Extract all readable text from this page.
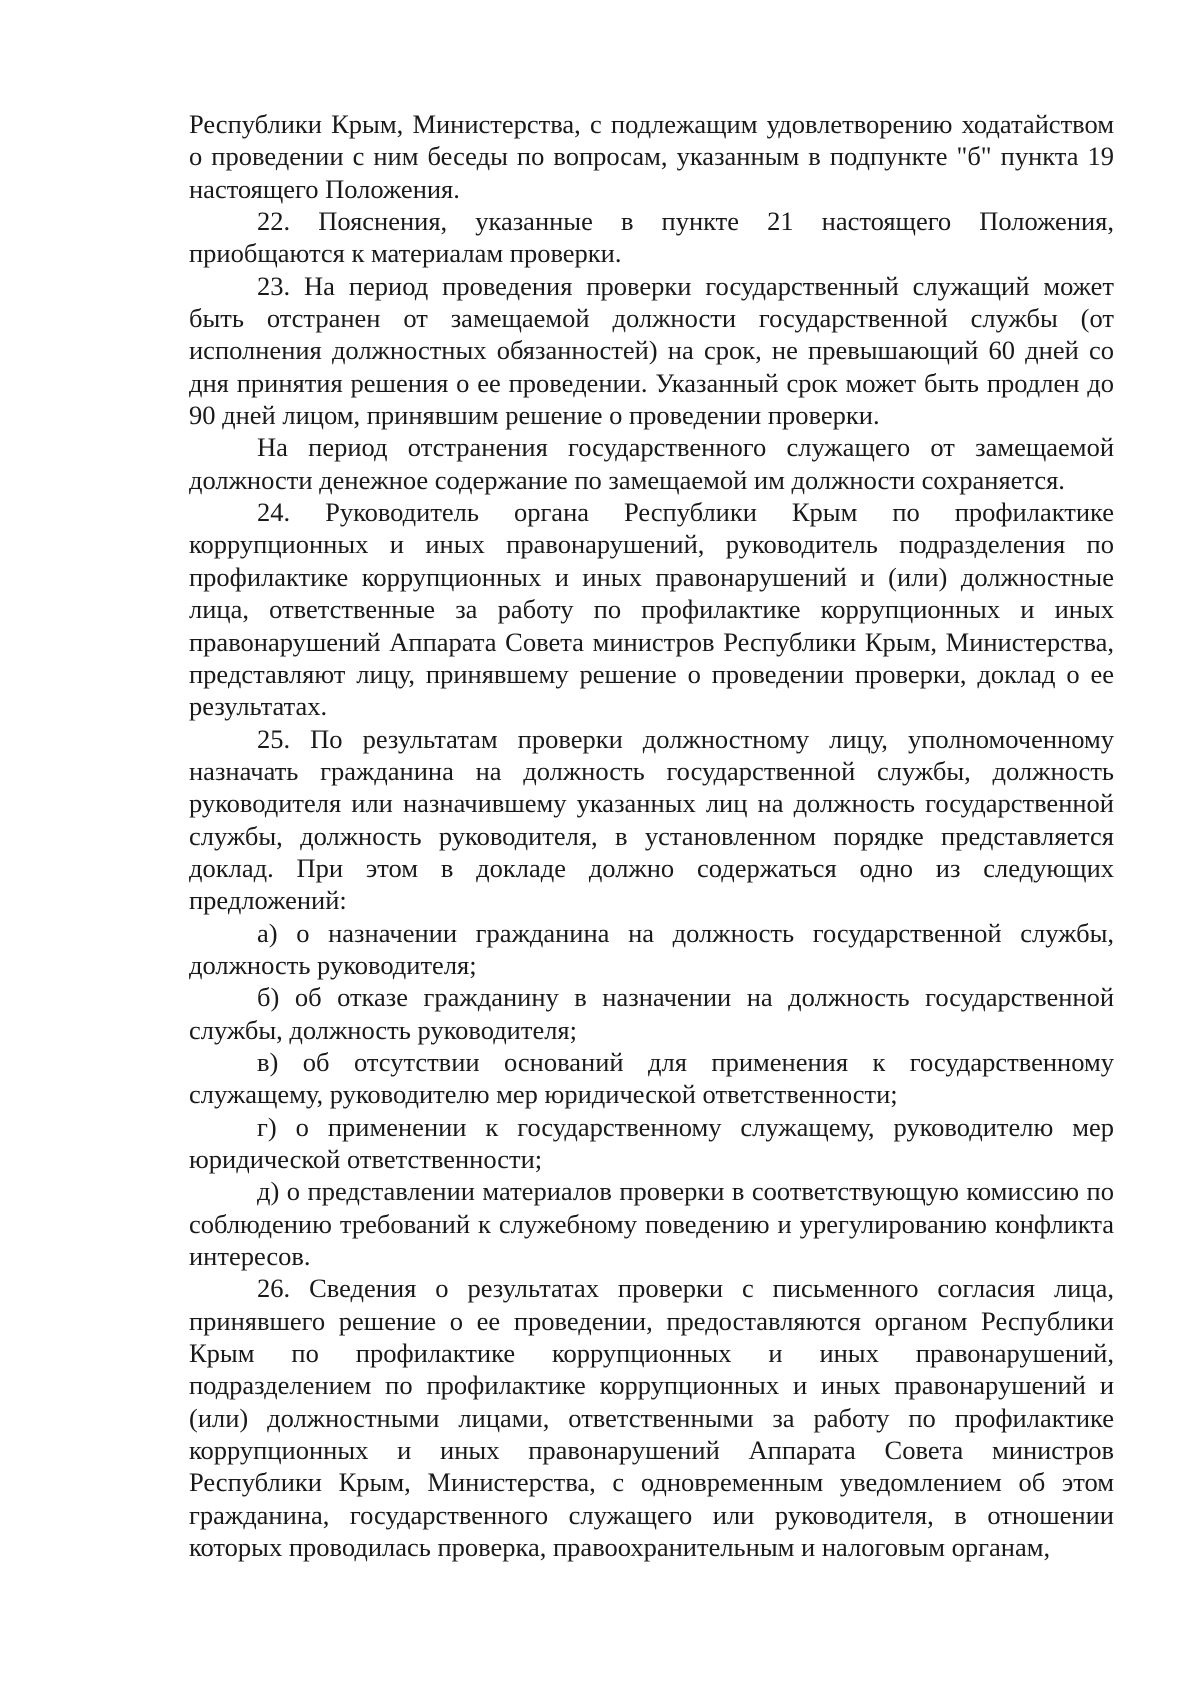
Республики Крым, Министерства, с подлежащим удовлетворению ходатайством о проведении с ним беседы по вопросам, указанным в подпункте "б" пункта 19 настоящего Положения.

22. Пояснения, указанные в пункте 21 настоящего Положения, приобщаются к материалам проверки.

23. На период проведения проверки государственный служащий может быть отстранен от замещаемой должности государственной службы (от исполнения должностных обязанностей) на срок, не превышающий 60 дней со дня принятия решения о ее проведении. Указанный срок может быть продлен до 90 дней лицом, принявшим решение о проведении проверки.

На период отстранения государственного служащего от замещаемой должности денежное содержание по замещаемой им должности сохраняется.

24. Руководитель органа Республики Крым по профилактике коррупционных и иных правонарушений, руководитель подразделения по профилактике коррупционных и иных правонарушений и (или) должностные лица, ответственные за работу по профилактике коррупционных и иных правонарушений Аппарата Совета министров Республики Крым, Министерства, представляют лицу, принявшему решение о проведении проверки, доклад о ее результатах.

25. По результатам проверки должностному лицу, уполномоченному назначать гражданина на должность государственной службы, должность руководителя или назначившему указанных лиц на должность государственной службы, должность руководителя, в установленном порядке представляется доклад. При этом в докладе должно содержаться одно из следующих предложений:

а) о назначении гражданина на должность государственной службы, должность руководителя;

б) об отказе гражданину в назначении на должность государственной службы, должность руководителя;

в) об отсутствии оснований для применения к государственному служащему, руководителю мер юридической ответственности;

г) о применении к государственному служащему, руководителю мер юридической ответственности;

д) о представлении материалов проверки в соответствующую комиссию по соблюдению требований к служебному поведению и урегулированию конфликта интересов.

26. Сведения о результатах проверки с письменного согласия лица, принявшего решение о ее проведении, предоставляются органом Республики Крым по профилактике коррупционных и иных правонарушений, подразделением по профилактике коррупционных и иных правонарушений и (или) должностными лицами, ответственными за работу по профилактике коррупционных и иных правонарушений Аппарата Совета министров Республики Крым, Министерства, с одновременным уведомлением об этом гражданина, государственного служащего или руководителя, в отношении которых проводилась проверка, правоохранительным и налоговым органам,
